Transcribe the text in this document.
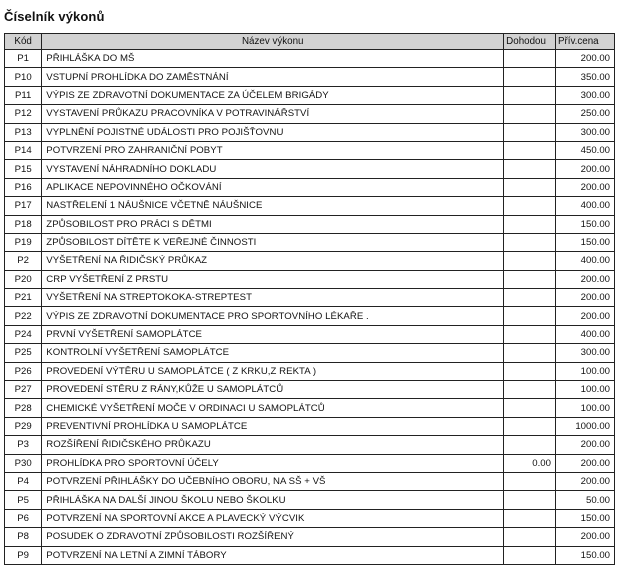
Číselník výkonů
Kód	Název výkonu	Dohodou	Přív.cena
P1	PŘIHLÁŠKA DO MŠ		200.00
P10	VSTUPNÍ PROHLÍDKA DO ZAMĚSTNÁNÍ		350.00
P11	VÝPIS ZE ZDRAVOTNÍ DOKUMENTACE ZA ÚČELEM BRIGÁDY		300.00
P12	VYSTAVENÍ PRŮKAZU PRACOVNÍKA V POTRAVINÁŘSTVÍ		250.00
P13	VYPLNĚNÍ POJISTNÉ UDÁLOSTI PRO POJIŠŤOVNU		300.00
P14	POTVRZENÍ PRO ZAHRANIČNÍ POBYT		450.00
P15	VYSTAVENÍ NÁHRADNÍHO DOKLADU		200.00
P16	APLIKACE NEPOVINNÉHO OČKOVÁNÍ		200.00
P17	NASTŘELENÍ 1 NÁUŠNICE VČETNĚ NÁUŠNICE		400.00
P18	ZPŮSOBILOST PRO PRÁCI S DĚTMI		150.00
P19	ZPŮSOBILOST DÍTĚTE K VEŘEJNÉ ČINNOSTI		150.00
P2	VYŠETŘENÍ NA ŘIDIČSKÝ PRŮKAZ		400.00
P20	CRP VYŠETŘENÍ Z PRSTU		200.00
P21	VYŠETŘENÍ NA STREPTOKOKA-STREPTEST		200.00
P22	VÝPIS ZE ZDRAVOTNÍ DOKUMENTACE PRO SPORTOVNÍHO LÉKAŘE .		200.00
P24	PRVNÍ VYŠETŘENÍ SAMOPLÁTCE		400.00
P25	KONTROLNÍ VYŠETŘENÍ SAMOPLÁTCE		300.00
P26	PROVEDENÍ VÝTĚRU U SAMOPLÁTCE ( Z KRKU,Z REKTA )		100.00
P27	PROVEDENÍ STĚRU Z RÁNY,KŮŽE U SAMOPLÁTCŮ		100.00
P28	CHEMICKÉ VYŠETŘENÍ MOČE V ORDINACI U SAMOPLÁTCŮ		100.00
P29	PREVENTIVNÍ PROHLÍDKA U SAMOPLÁTCE		1000.00
P3	ROZŠÍŘENÍ ŘIDIČSKÉHO PRŮKAZU		200.00
P30	PROHLÍDKA PRO SPORTOVNÍ ÚČELY	0.00	200.00
P4	POTVRZENÍ PŘIHLÁŠKY DO UČEBNÍHO OBORU, NA SŠ + VŠ		200.00
P5	PŘIHLÁŠKA NA DALŠÍ JINOU ŠKOLU NEBO ŠKOLKU		50.00
P6	POTVRZENÍ NA SPORTOVNÍ AKCE A PLAVECKÝ VÝCVIK		150.00
P8	POSUDEK O ZDRAVOTNÍ ZPŮSOBILOSTI ROZŠÍŘENÝ		200.00
P9	POTVRZENÍ NA LETNÍ A ZIMNÍ TÁBORY		150.00
